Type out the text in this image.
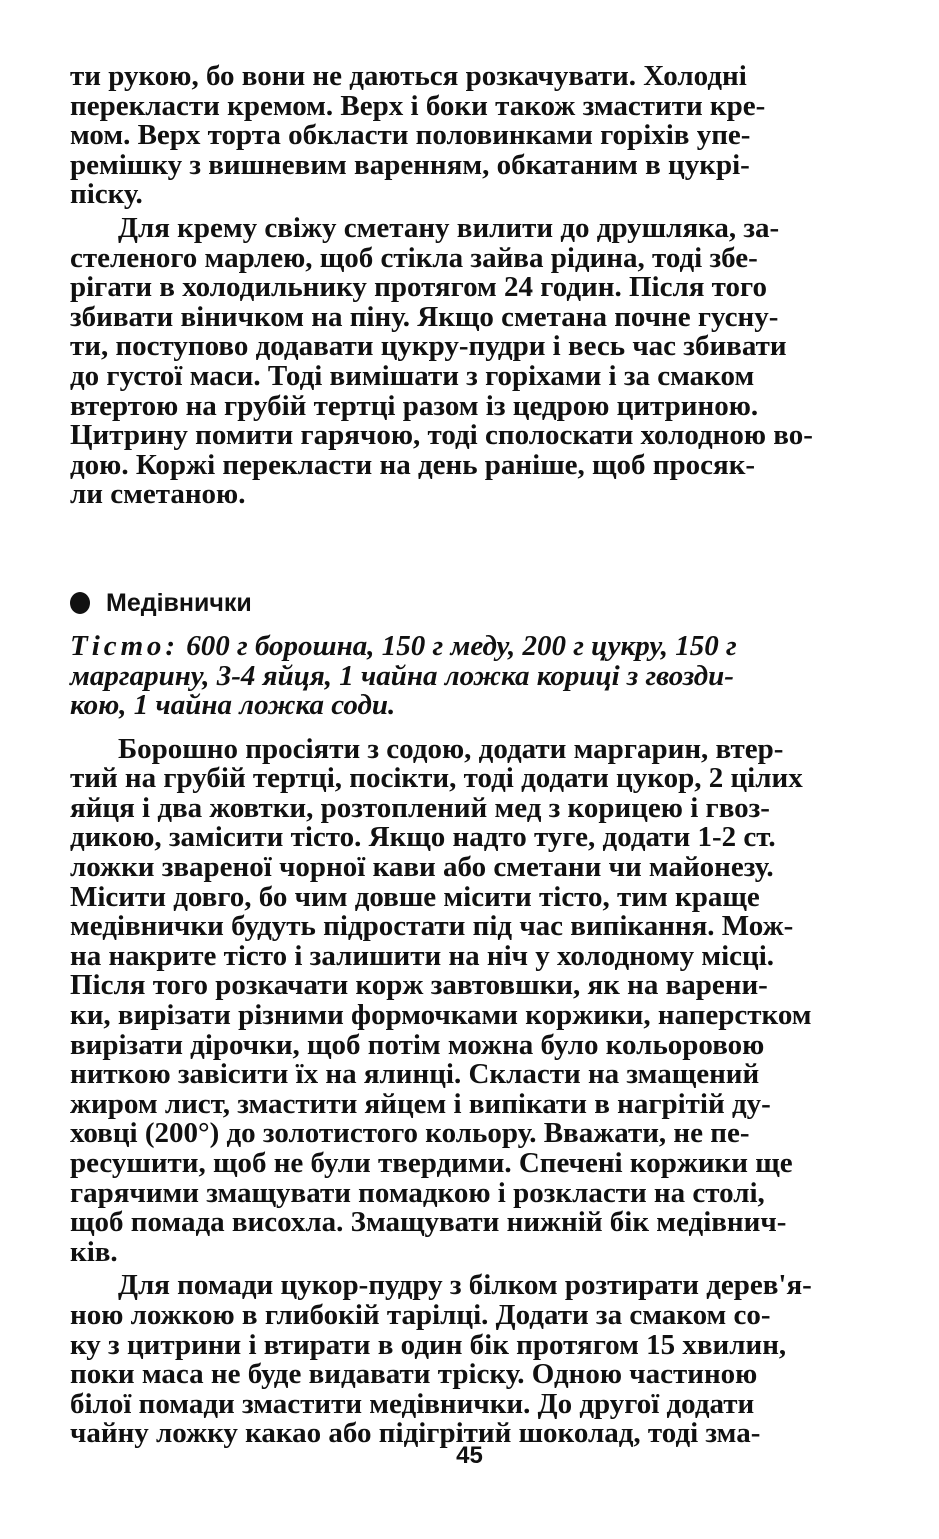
ти рукою, бо вони не даються розкачувати. Холодні
перекласти кремом. Верх і боки також змастити кре-
мом. Верх торта обкласти половинками горіхів упе-
ремішку з вишневим варенням, обкатаним в цукрі-
піску.

Для крему свіжу сметану вилити до друшляка, за-
стеленого марлею, щоб стікла зайва рідина, тоді збе-
рігати в холодильнику протягом 24 годин. Після того
збивати віничком на піну. Якщо сметана почне гусну-
ти, поступово додавати цукру-пудри і весь час збивати
до густої маси. Тоді вимішати з горіхами і за смаком
втертою на грубій тертці разом із цедрою цитриною.
Цитрину помити гарячою, тоді сполоскати холодною во-
дою. Коржі перекласти на день раніше, щоб просяк-
ли сметаною.

Медівнички

Тісто: 600 г борошна, 150 г меду, 200 г цукру, 150 г
маргарину, 3-4 яйця, 1 чайна ложка кориці з гвозди-
кою, 1 чайна ложка соди.

Борошно просіяти з содою, додати маргарин, втер-
тий на грубій тертці, посікти, тоді додати цукор, 2 цілих
яйця і два жовтки, розтоплений мед з корицею і гвоз-
дикою, замісити тісто. Якщо надто туге, додати 1-2 ст.
ложки звареної чорної кави або сметани чи майонезу.
Місити довго, бо чим довше місити тісто, тим краще
медівнички будуть підростати під час випікання. Мож-
на накрите тісто і залишити на ніч у холодному місці.
Після того розкачати корж завтовшки, як на варени-
ки, вирізати різними формочками коржики, наперстком
вирізати дірочки, щоб потім можна було кольоровою
ниткою завісити їх на ялинці. Скласти на змащений
жиром лист, змастити яйцем і випікати в нагрітій ду-
ховці (200°) до золотистого кольору. Вважати, не пе-
ресушити, щоб не були твердими. Спечені коржики ще
гарячими змащувати помадкою і розкласти на столі,
щоб помада висохла. Змащувати нижній бік медівнич-
ків.

Для помади цукор-пудру з білком розтирати дерев'я-
ною ложкою в глибокій тарілці. Додати за смаком со-
ку з цитрини і втирати в один бік протягом 15 хвилин,
поки маса не буде видавати тріску. Одною частиною
білої помади змастити медівнички. До другої додати
чайну ложку какао або підігрітий шоколад, тоді зма-

45
